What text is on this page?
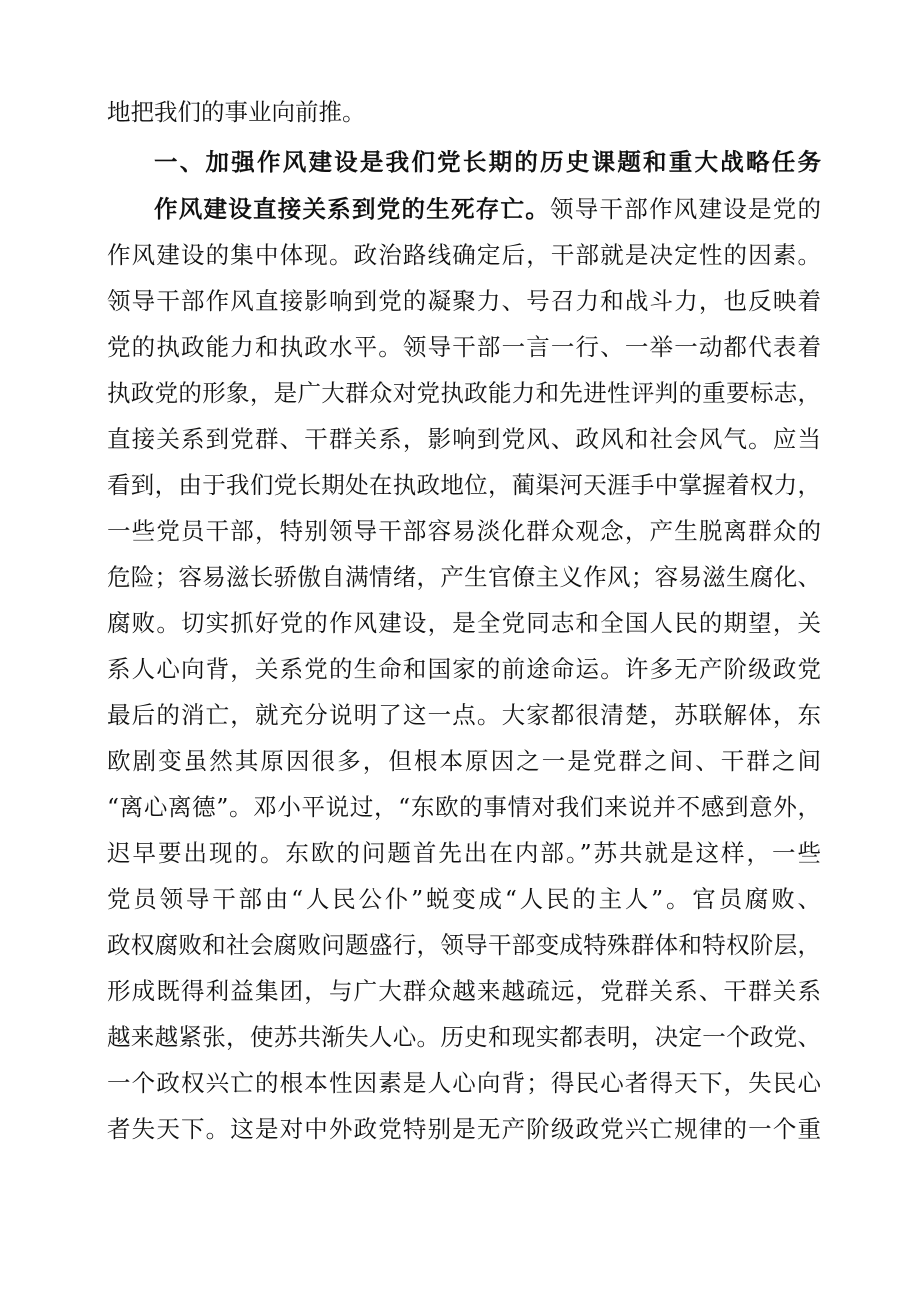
地把我们的事业向前推。
一、加强作风建设是我们党长期的历史课题和重大战略任务
作风建设直接关系到党的生死存亡。领导干部作风建设是党的
作风建设的集中体现。政治路线确定后，干部就是决定性的因素。
领导干部作风直接影响到党的凝聚力、号召力和战斗力，也反映着
党的执政能力和执政水平。领导干部一言一行、一举一动都代表着
执政党的形象，是广大群众对党执政能力和先进性评判的重要标志，
直接关系到党群、干群关系，影响到党风、政风和社会风气。应当
看到，由于我们党长期处在执政地位，蔺渠河天涯手中掌握着权力，
一些党员干部，特别领导干部容易淡化群众观念，产生脱离群众的
危险；容易滋长骄傲自满情绪，产生官僚主义作风；容易滋生腐化、
腐败。切实抓好党的作风建设，是全党同志和全国人民的期望，关
系人心向背，关系党的生命和国家的前途命运。许多无产阶级政党
最后的消亡，就充分说明了这一点。大家都很清楚，苏联解体，东
欧剧变虽然其原因很多，但根本原因之一是党群之间、干群之间
“离心离德”。邓小平说过，“东欧的事情对我们来说并不感到意外，
迟早要出现的。东欧的问题首先出在内部。”苏共就是这样，一些
党员领导干部由“人民公仆”蜕变成“人民的主人”。官员腐败、
政权腐败和社会腐败问题盛行，领导干部变成特殊群体和特权阶层，
形成既得利益集团，与广大群众越来越疏远，党群关系、干群关系
越来越紧张，使苏共渐失人心。历史和现实都表明，决定一个政党、
一个政权兴亡的根本性因素是人心向背；得民心者得天下，失民心
者失天下。这是对中外政党特别是无产阶级政党兴亡规律的一个重
